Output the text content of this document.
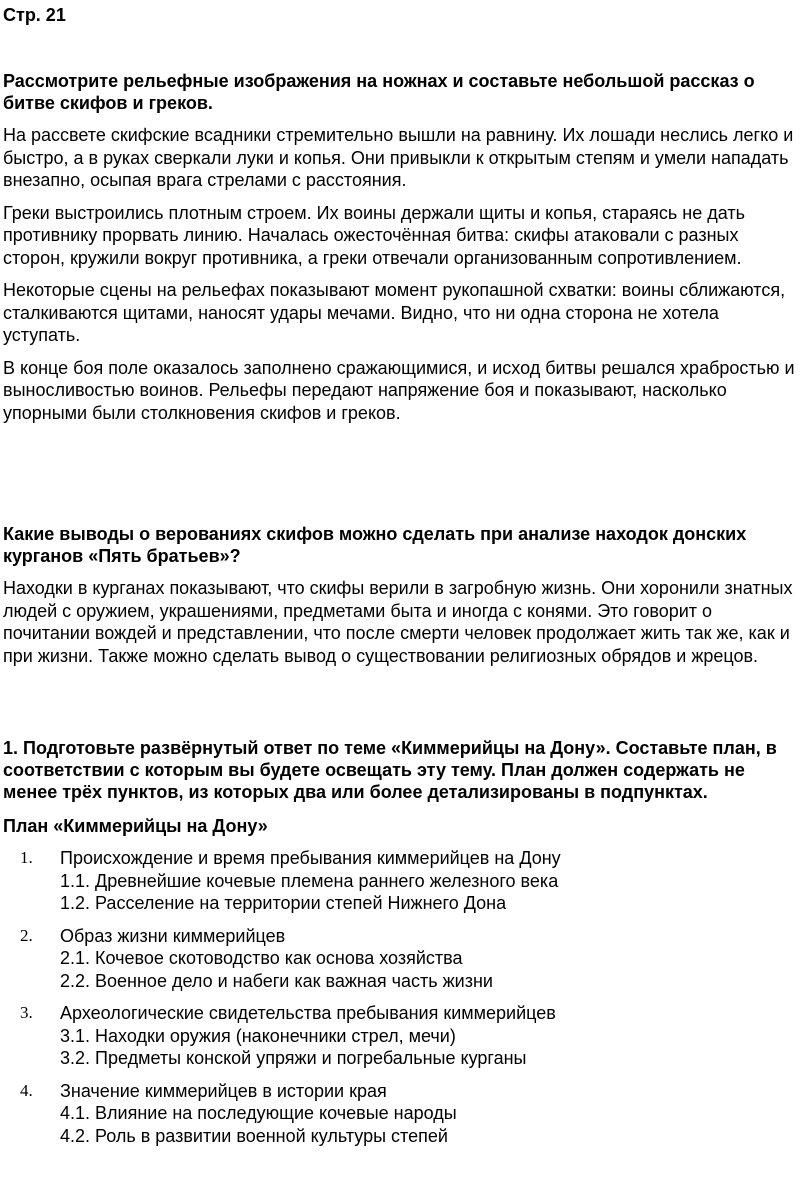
Стр. 21
Рассмотрите рельефные изображения на ножнах и составьте небольшой рассказ о битве скифов и греков.

На рассвете скифские всадники стремительно вышли на равнину. Их лошади неслись легко и быстро, а в руках сверкали луки и копья. Они привыкли к открытым степям и умели нападать внезапно, осыпая врага стрелами с расстояния.

Греки выстроились плотным строем. Их воины держали щиты и копья, стараясь не дать противнику прорвать линию. Началась ожесточённая битва: скифы атаковали с разных сторон, кружили вокруг противника, а греки отвечали организованным сопротивлением.

Некоторые сцены на рельефах показывают момент рукопашной схватки: воины сближаются, сталкиваются щитами, наносят удары мечами. Видно, что ни одна сторона не хотела уступать.

В конце боя поле оказалось заполнено сражающимися, и исход битвы решался храбростью и выносливостью воинов. Рельефы передают напряжение боя и показывают, насколько упорными были столкновения скифов и греков.

Какие выводы о верованиях скифов можно сделать при анализе находок донских курганов «Пять братьев»?

Находки в курганах показывают, что скифы верили в загробную жизнь. Они хоронили знатных людей с оружием, украшениями, предметами быта и иногда с конями. Это говорит о почитании вождей и представлении, что после смерти человек продолжает жить так же, как и при жизни. Также можно сделать вывод о существовании религиозных обрядов и жрецов.

1. Подготовьте развёрнутый ответ по теме «Киммерийцы на Дону». Составьте план, в соответствии с которым вы будете освещать эту тему. План должен содержать не менее трёх пунктов, из которых два или более детализированы в подпунктах.
План «Киммерийцы на Дону»
1. Происхождение и время пребывания киммерийцев на Дону
1.1. Древнейшие кочевые племена раннего железного века
1.2. Расселение на территории степей Нижнего Дона
2. Образ жизни киммерийцев
2.1. Кочевое скотоводство как основа хозяйства
2.2. Военное дело и набеги как важная часть жизни
3. Археологические свидетельства пребывания киммерийцев
3.1. Находки оружия (наконечники стрел, мечи)
3.2. Предметы конской упряжи и погребальные курганы
4. Значение киммерийцев в истории края
4.1. Влияние на последующие кочевые народы
4.2. Роль в развитии военной культуры степей
